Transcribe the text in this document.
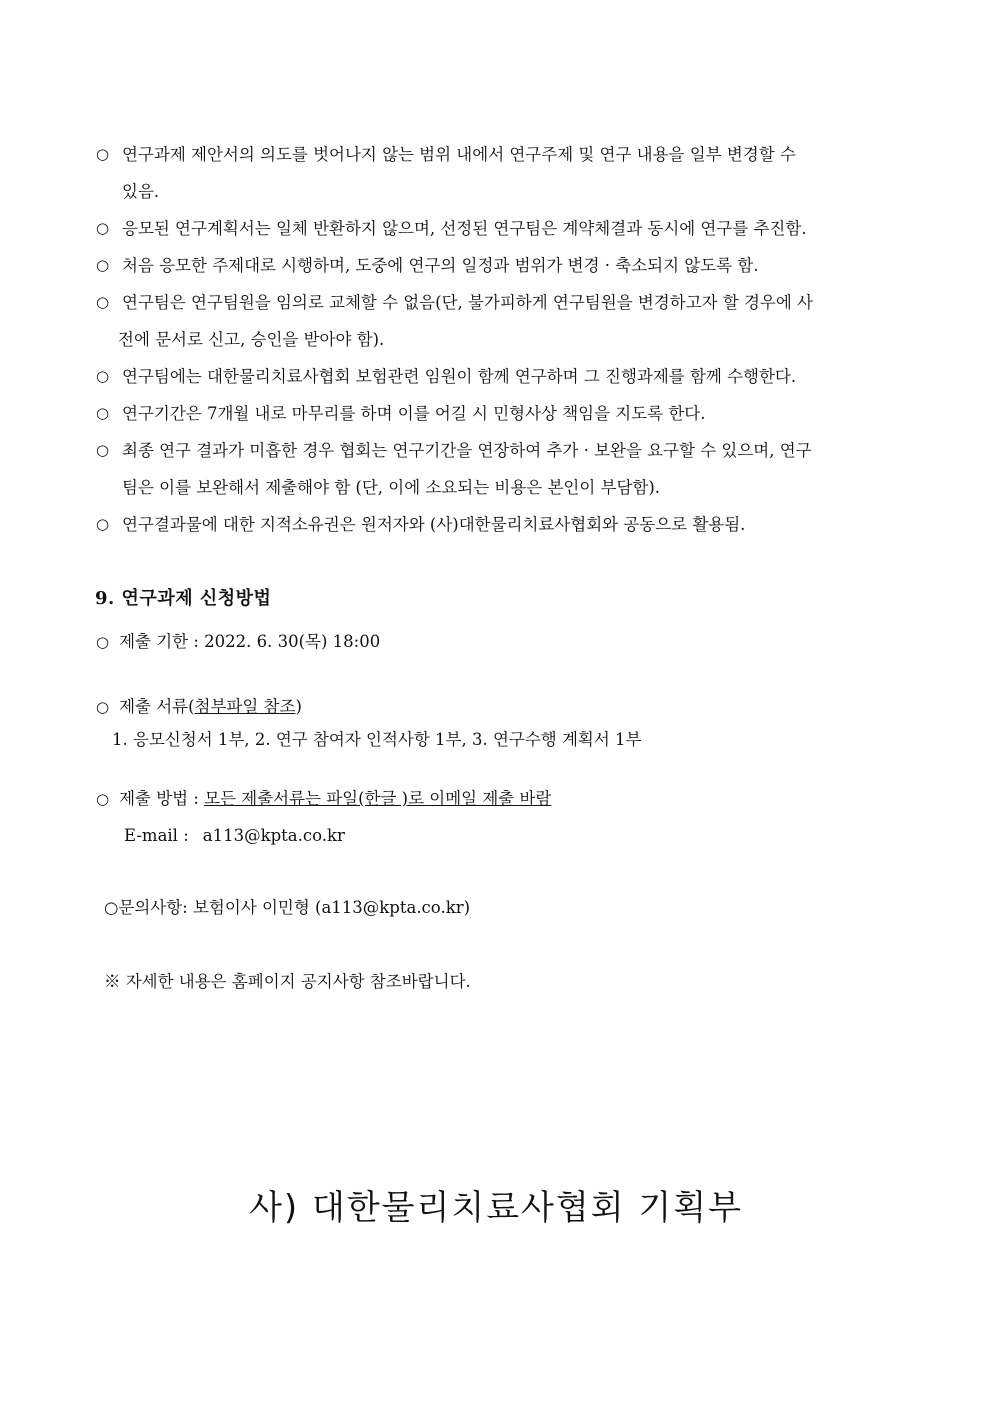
○ 연구과제 제안서의 의도를 벗어나지 않는 범위 내에서 연구주제 및 연구 내용을 일부 변경할 수
있음.
○ 응모된 연구계획서는 일체 반환하지 않으며, 선정된 연구팀은 계약체결과 동시에 연구를 추진함.
○ 처음 응모한 주제대로 시행하며, 도중에 연구의 일정과 범위가 변경 · 축소되지 않도록 함.
○ 연구팀은 연구팀원을 임의로 교체할 수 없음(단, 불가피하게 연구팀원을 변경하고자 할 경우에 사
전에 문서로 신고, 승인을 받아야 함).
○ 연구팀에는 대한물리치료사협회 보험관련 임원이 함께 연구하며 그 진행과제를 함께 수행한다.
○ 연구기간은 7개월 내로 마무리를 하며 이를 어길 시 민형사상 책임을 지도록 한다.
○ 최종 연구 결과가 미흡한 경우 협회는 연구기간을 연장하여 추가 · 보완을 요구할 수 있으며, 연구
팀은 이를 보완해서 제출해야 함 (단, 이에 소요되는 비용은 본인이 부담함).
○ 연구결과물에 대한 지적소유권은 원저자와 (사)대한물리치료사협회와 공동으로 활용됨.
9. 연구과제 신청방법
○ 제출 기한 : 2022. 6. 30(목) 18:00
○ 제출 서류(첨부파일 참조)
1. 응모신청서 1부, 2. 연구 참여자 인적사항 1부, 3. 연구수행 계획서 1부
○ 제출 방법 : 모든 제출서류는 파일(한글 )로 이메일 제출 바람
E-mail : a113@kpta.co.kr
○문의사항: 보험이사 이민형 (a113@kpta.co.kr)
※ 자세한 내용은 홈페이지 공지사항 참조바랍니다.
사) 대한물리치료사협회 기획부
